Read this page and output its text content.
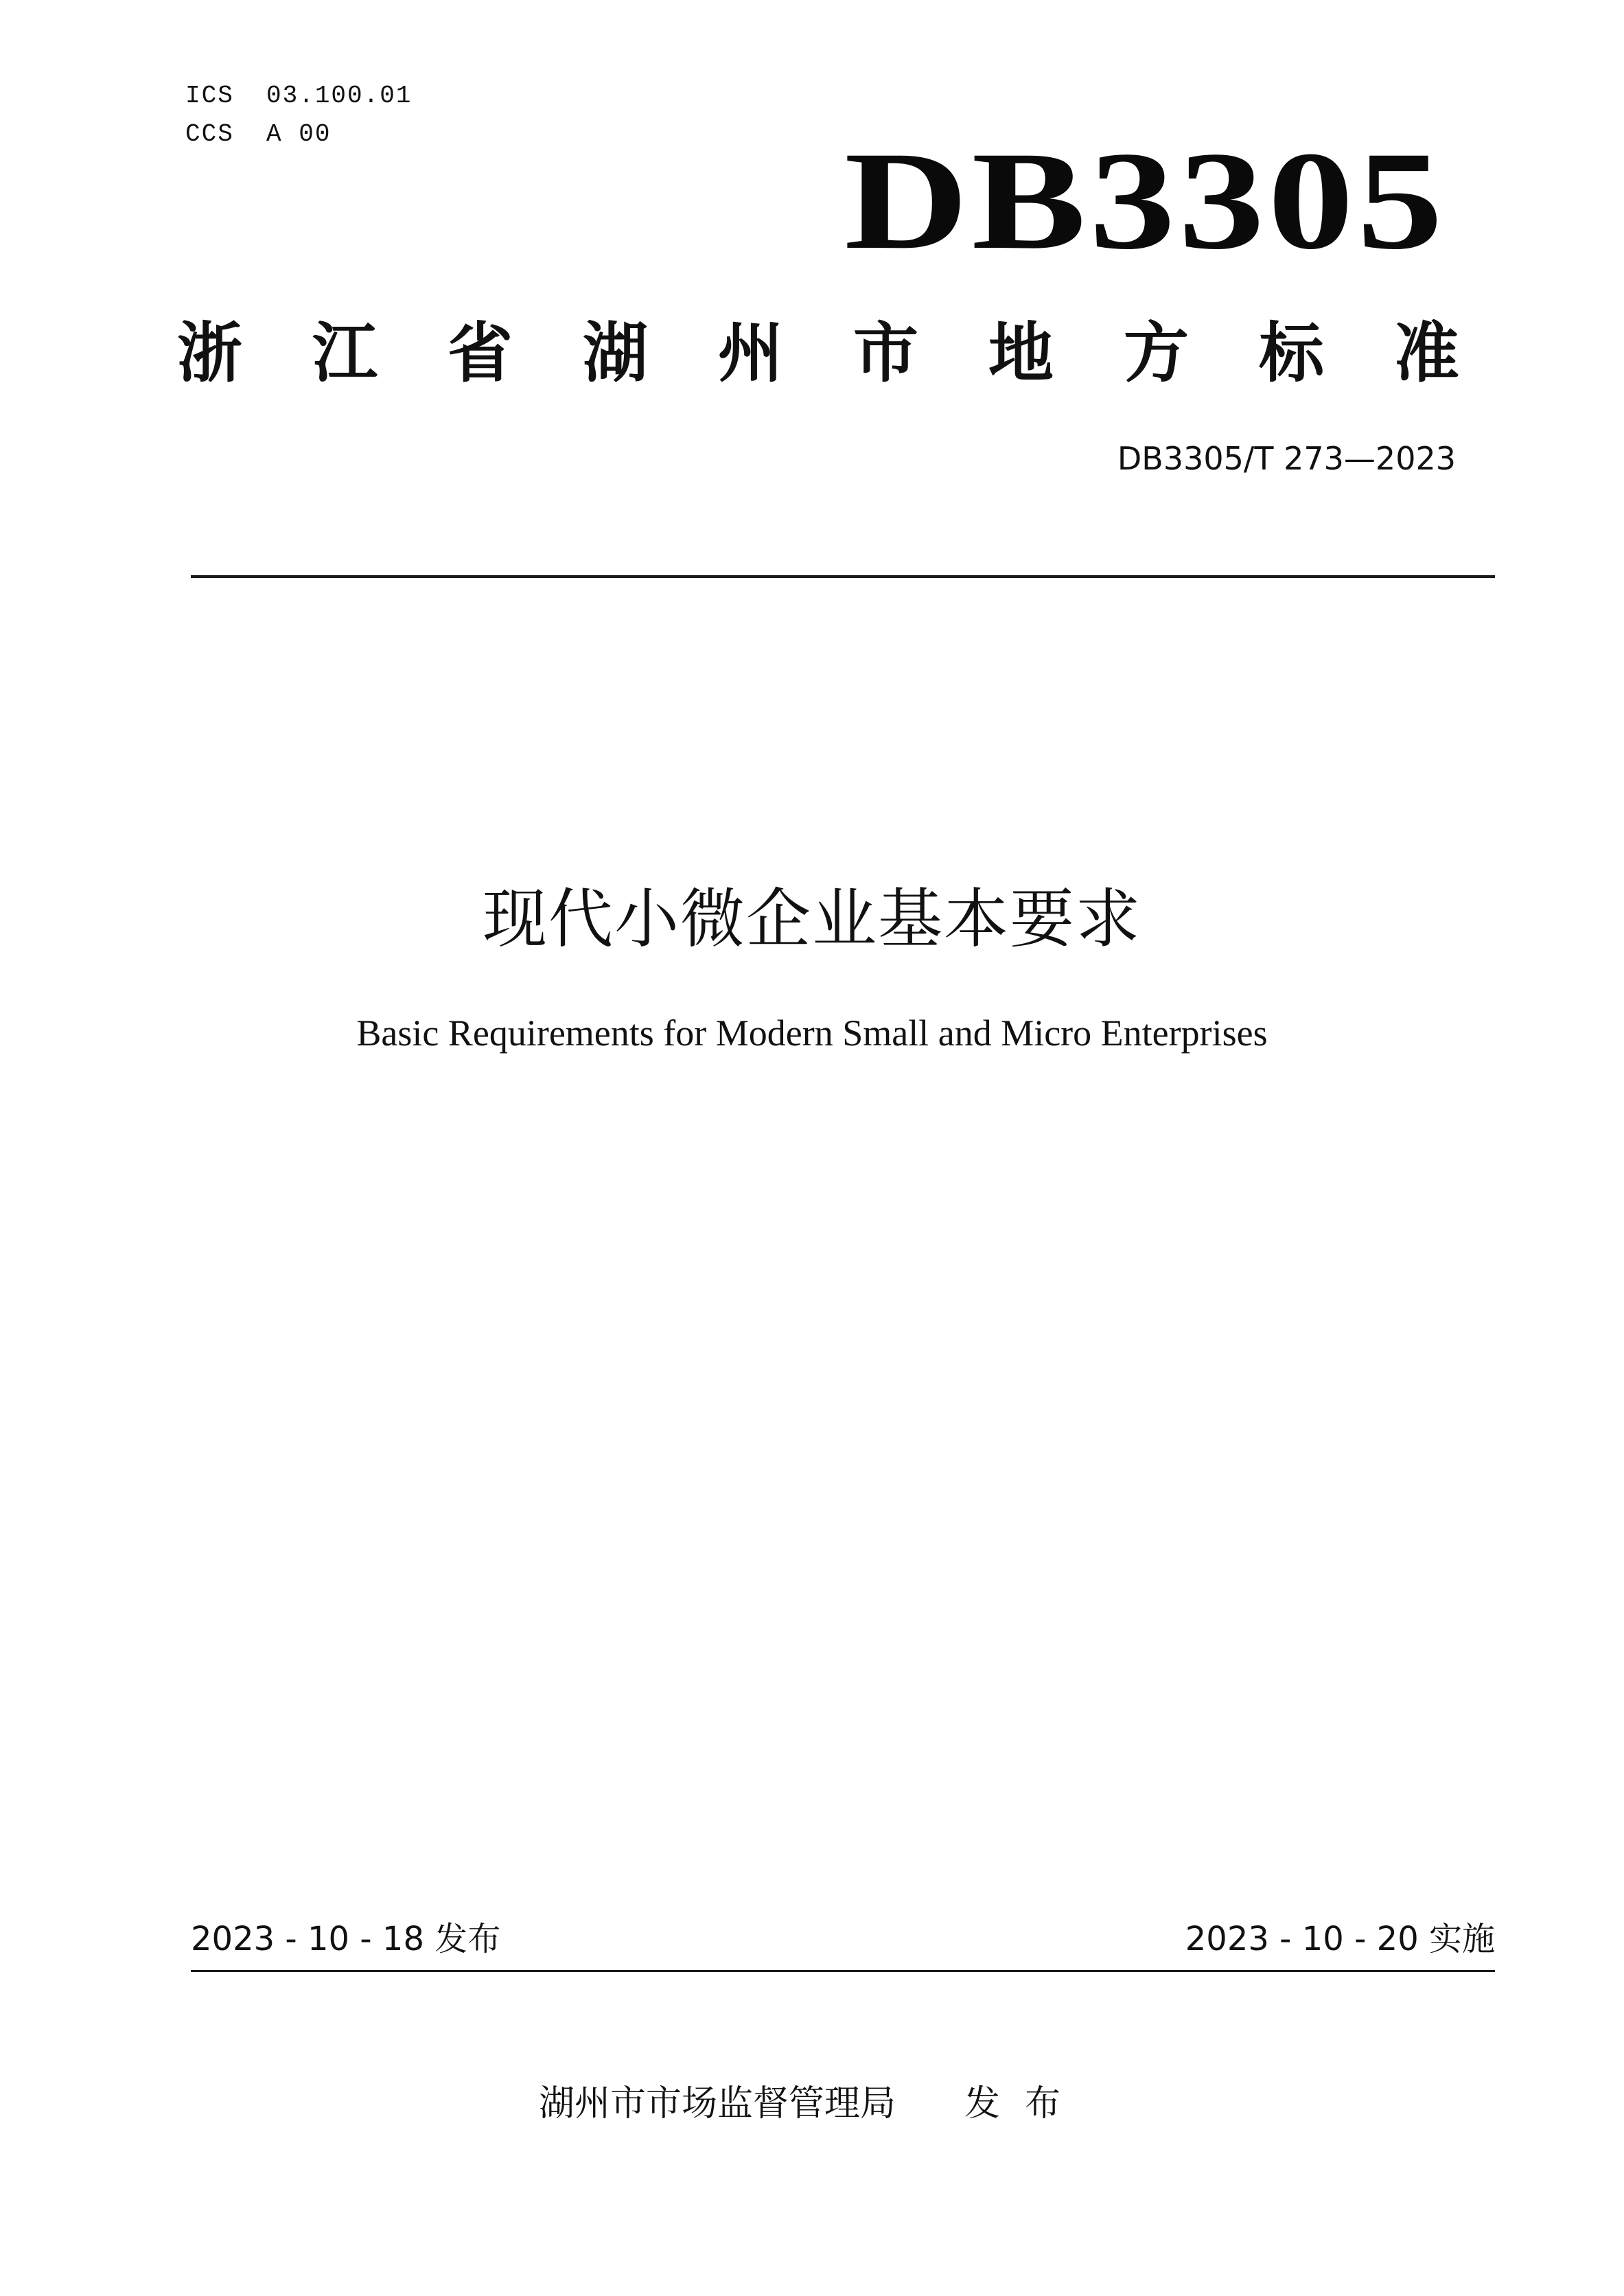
ICS  03.100.01
CCS  A 00	DB3305
浙江省湖州市地方标准
DB3305/T 273—2023
现代小微企业基本要求
Basic Requirements for Modern Small and Micro Enterprises
2023 - 10 - 18 发布	2023 - 10 - 20 实施
湖州市市场监督管理局 发布
